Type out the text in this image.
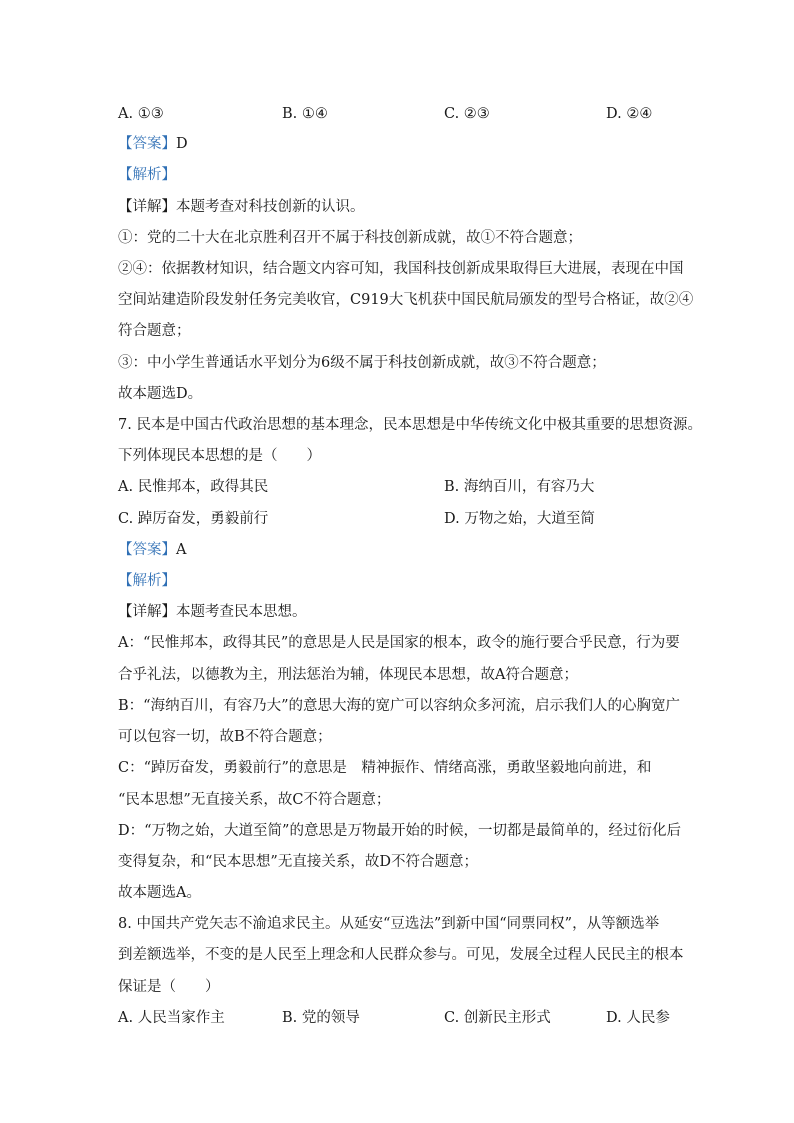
A. ①③	B. ①④	C. ②③	D. ②④
【答案】D
【解析】
【详解】本题考查对科技创新的认识。
①：党的二十大在北京胜利召开不属于科技创新成就，故①不符合题意；
②④：依据教材知识，结合题文内容可知，我国科技创新成果取得巨大进展，表现在中国
空间站建造阶段发射任务完美收官，C919大飞机获中国民航局颁发的型号合格证，故②④
符合题意；
③：中小学生普通话水平划分为6级不属于科技创新成就，故③不符合题意；
故本题选D。
7. 民本是中国古代政治思想的基本理念，民本思想是中华传统文化中极其重要的思想资源。
下列体现民本思想的是（　　）
A. 民惟邦本，政得其民	B. 海纳百川，有容乃大
C. 踔厉奋发，勇毅前行	D. 万物之始，大道至简
【答案】A
【解析】
【详解】本题考查民本思想。
A：“民惟邦本，政得其民”的意思是人民是国家的根本，政令的施行要合乎民意，行为要
合乎礼法，以德教为主，刑法惩治为辅，体现民本思想，故A符合题意；
B：“海纳百川，有容乃大”的意思大海的宽广可以容纳众多河流，启示我们人的心胸宽广
可以包容一切，故B不符合题意；
C：“踔厉奋发，勇毅前行”的意思是　精神振作、情绪高涨，勇敢坚毅地向前进，和
“民本思想”无直接关系，故C不符合题意；
D：“万物之始，大道至简”的意思是万物最开始的时候，一切都是最简单的，经过衍化后
变得复杂，和“民本思想”无直接关系，故D不符合题意；
故本题选A。
8. 中国共产党矢志不渝追求民主。从延安“豆选法”到新中国“同票同权”，从等额选举
到差额选举，不变的是人民至上理念和人民群众参与。可见，发展全过程人民民主的根本
保证是（　　）
A. 人民当家作主	B. 党的领导	C. 创新民主形式	D. 人民参
